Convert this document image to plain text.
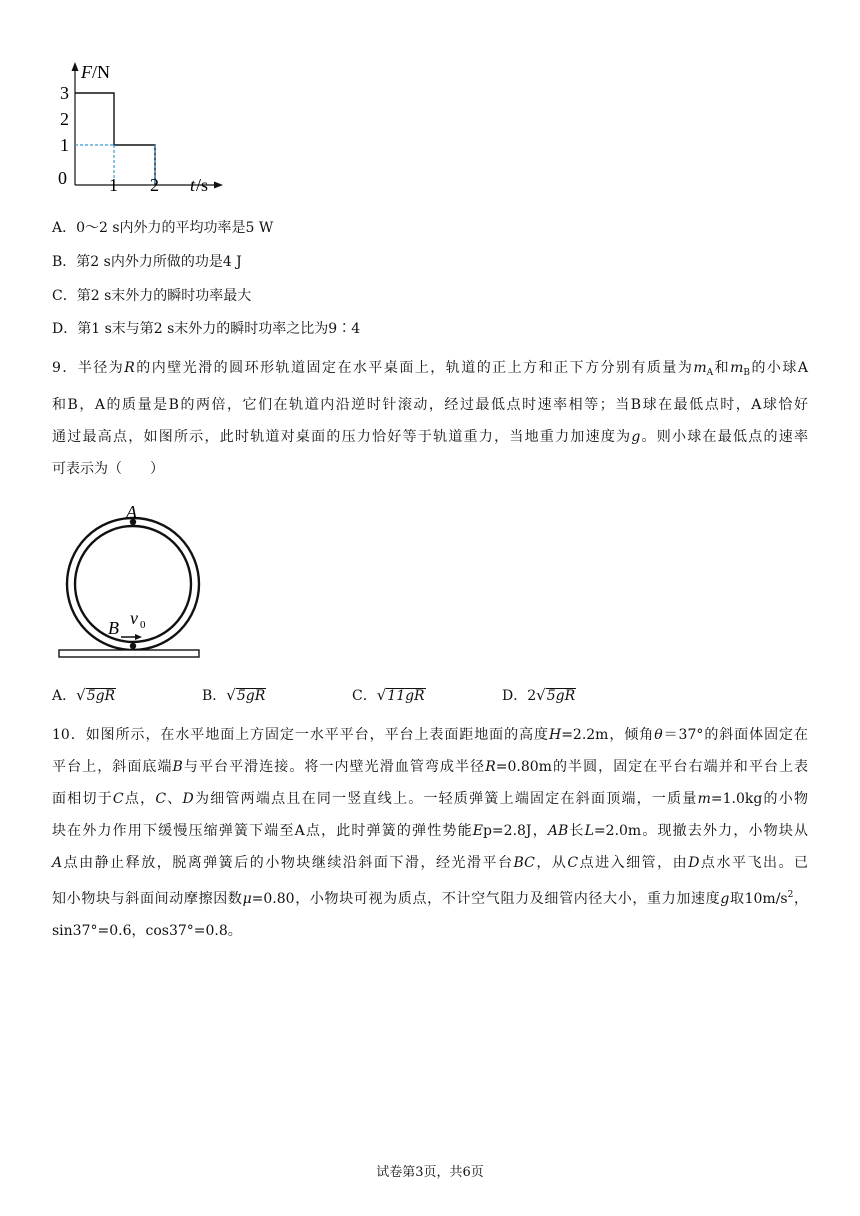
F /N
3
2
1
0 1 2 t /s
A．0～2 s内外力的平均功率是5 W
B．第2 s内外力所做的功是4 J
C．第2 s末外力的瞬时功率最大
D．第1 s末与第2 s末外力的瞬时功率之比为9∶4
9．半径为R的内壁光滑的圆环形轨道固定在水平桌面上，轨道的正上方和正下方分别有质量为$m_A$和$m_B$的小球A
和B，A的质量是B的两倍，它们在轨道内沿逆时针滚动，经过最低点时速率相等；当B球在最低点时，A球恰好
通过最高点，如图所示，此时轨道对桌面的压力恰好等于轨道重力，当地重力加速度为g。则小球在最低点的速率
可表示为（　　）
A
B v 0
A．√5gR	B．√5gR	C．√11gR	D．2√5gR
10．如图所示，在水平地面上方固定一水平平台，平台上表面距地面的高度H=2.2m，倾角θ＝37°的斜面体固定在
平台上，斜面底端B与平台平滑连接。将一内壁光滑血管弯成半径R=0.80m的半圆，固定在平台右端并和平台上表
面相切于C点，C、D为细管两端点且在同一竖直线上。一轻质弹簧上端固定在斜面顶端，一质量m=1.0kg的小物
块在外力作用下缓慢压缩弹簧下端至A点，此时弹簧的弹性势能Ep=2.8J，AB长L=2.0m。现撤去外力，小物块从
A点由静止释放，脱离弹簧后的小物块继续沿斜面下滑，经光滑平台BC，从C点进入细管，由D点水平飞出。已
知小物块与斜面间动摩擦因数μ=0.80，小物块可视为质点，不计空气阻力及细管内径大小，重力加速度g取$10m/s^2$，
sin37°=0.6，cos37°=0.8。
试卷第3页，共6页
